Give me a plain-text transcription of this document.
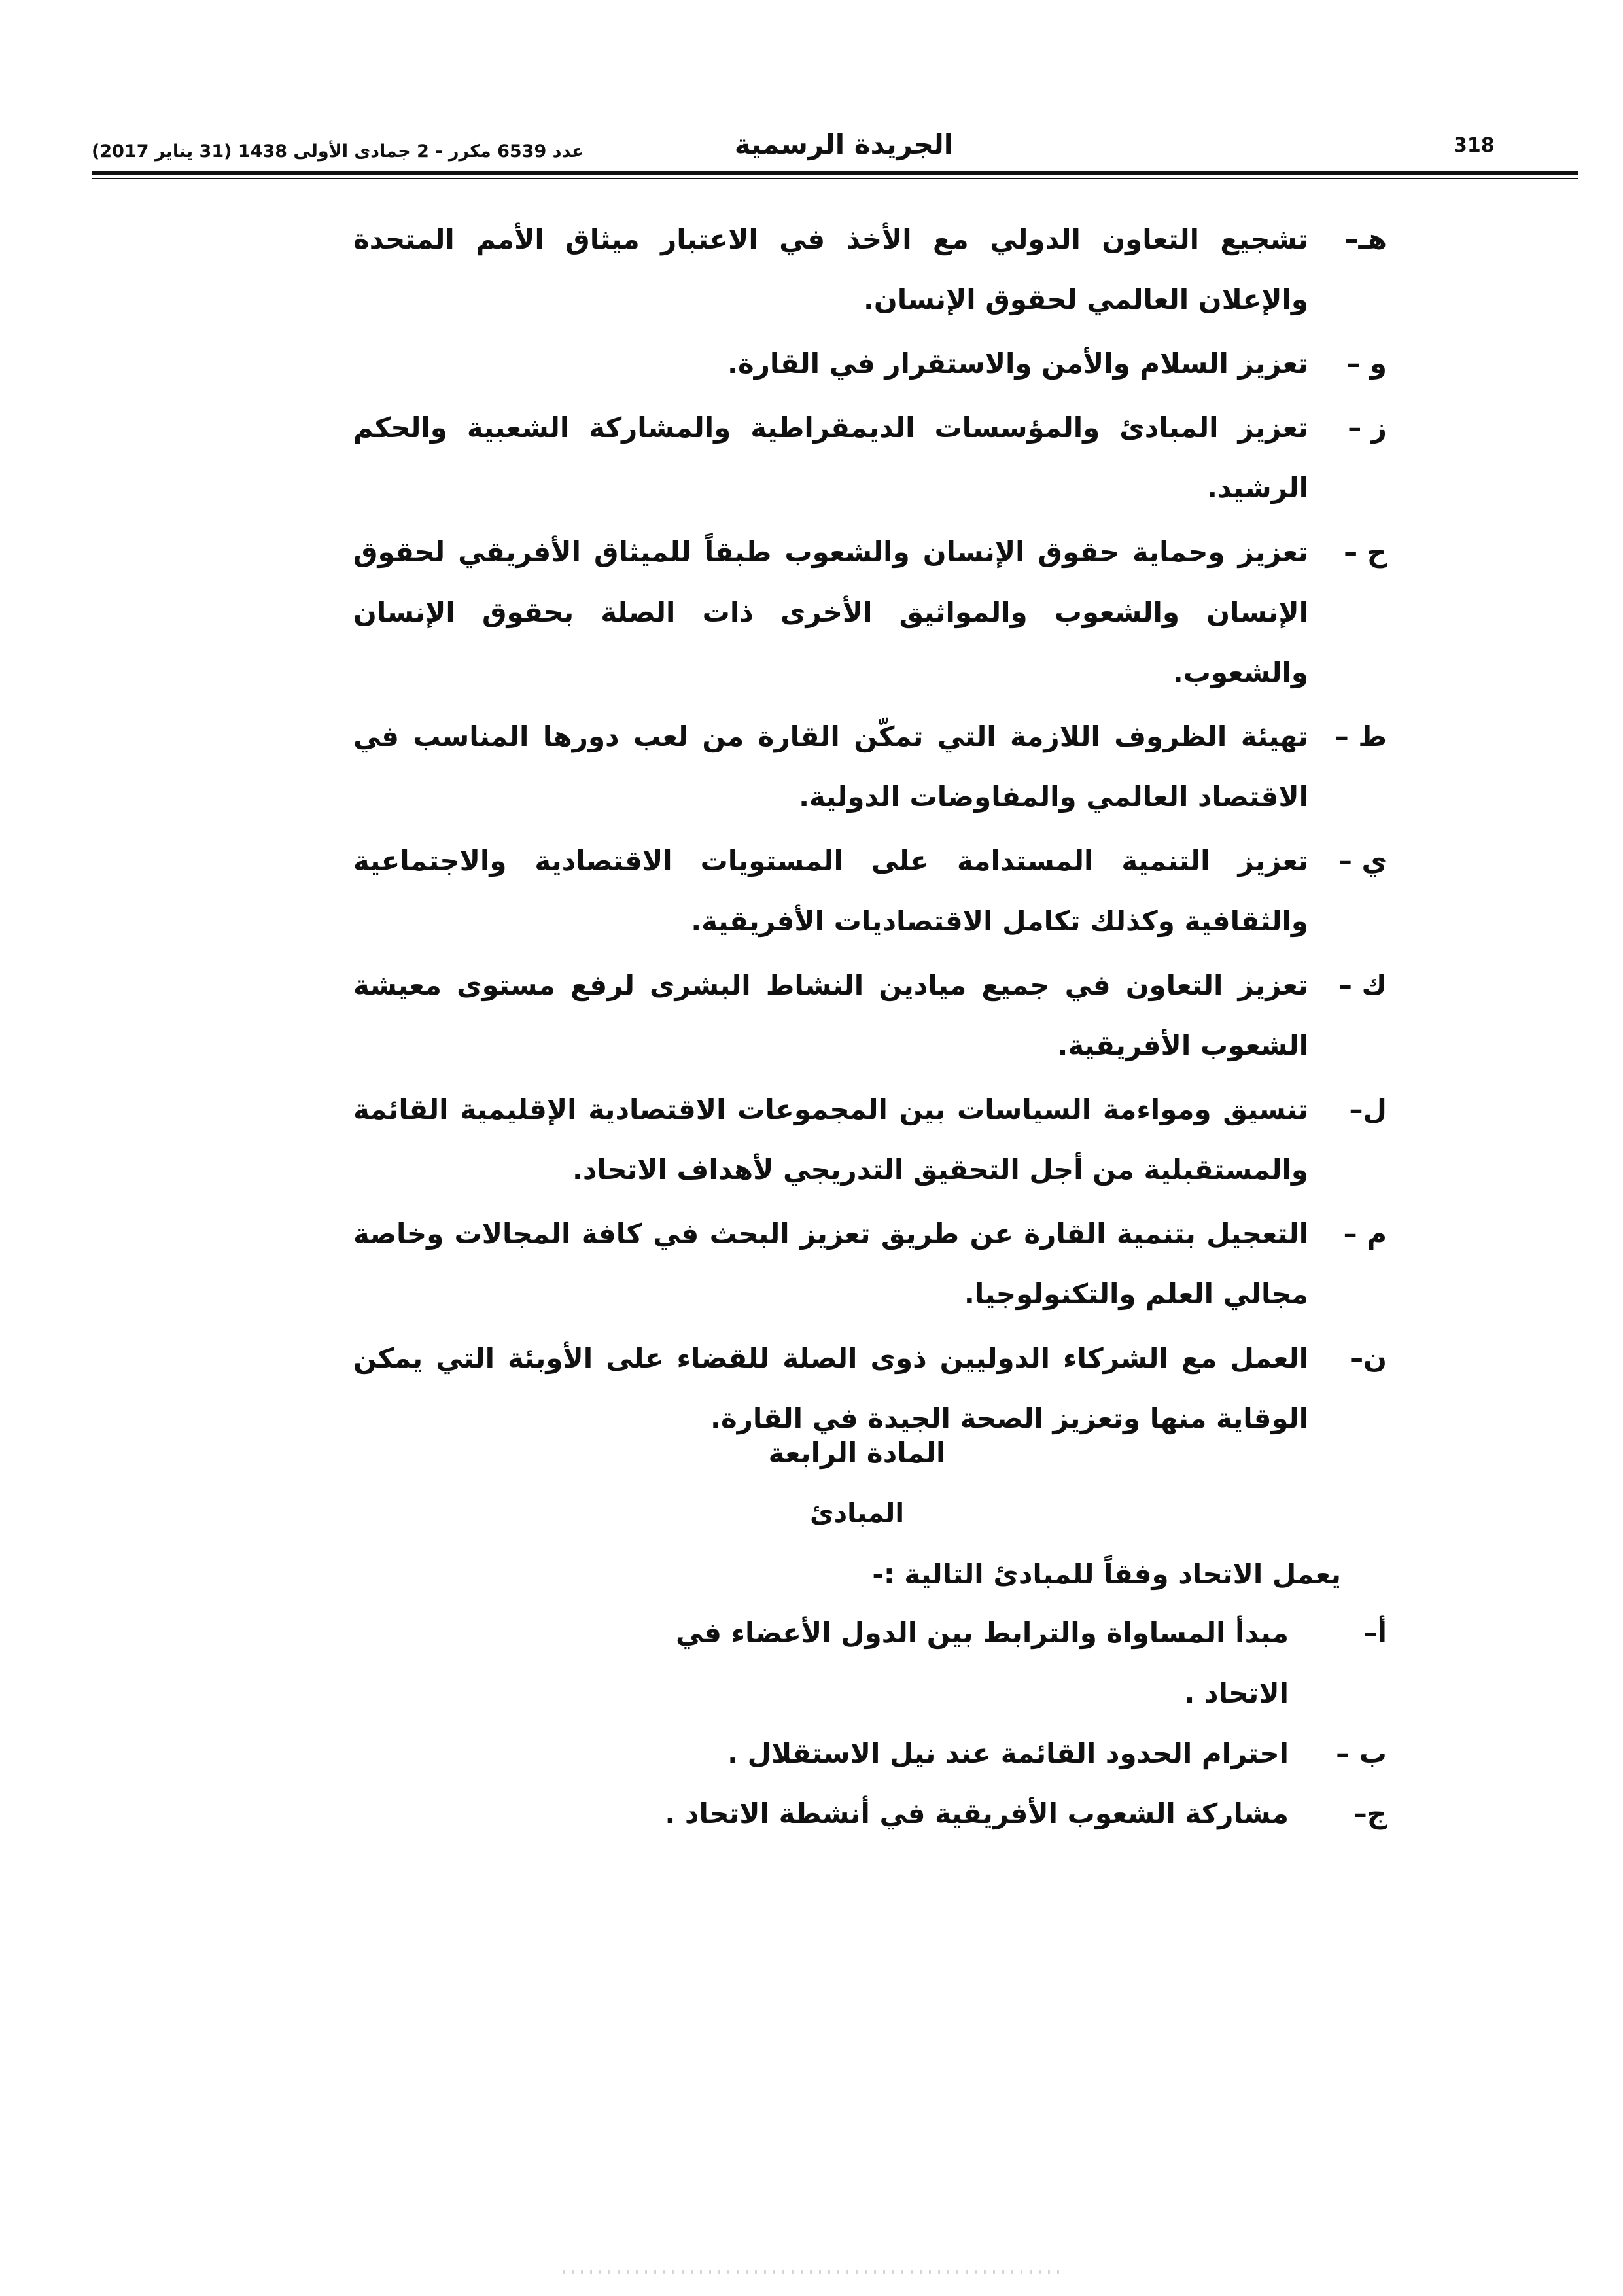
318
الجريدة الرسمية
عدد 6539 مكرر - 2 جمادى الأولى 1438 (31 يناير 2017)
هـ–
تشجيع التعاون الدولي مع الأخذ في الاعتبار ميثاق الأمم المتحدة والإعلان العالمي لحقوق الإنسان.
و –
تعزيز السلام والأمن والاستقرار في القارة.
ز –
تعزيز المبادئ والمؤسسات الديمقراطية والمشاركة الشعبية والحكم الرشيد.
ح –
تعزيز وحماية حقوق الإنسان والشعوب طبقاً للميثاق الأفريقي لحقوق الإنسان والشعوب والمواثيق الأخرى ذات الصلة بحقوق الإنسان والشعوب.
ط –
تهيئة الظروف اللازمة التي تمكّن القارة من لعب دورها المناسب في الاقتصاد العالمي والمفاوضات الدولية.
ي –
تعزيز التنمية المستدامة على المستويات الاقتصادية والاجتماعية والثقافية وكذلك تكامل الاقتصاديات الأفريقية.
ك –
تعزيز التعاون في جميع ميادين النشاط البشرى لرفع مستوى معيشة الشعوب الأفريقية.
ل–
تنسيق ومواءمة السياسات بين المجموعات الاقتصادية الإقليمية القائمة والمستقبلية من أجل التحقيق التدريجي لأهداف الاتحاد.
م –
التعجيل بتنمية القارة عن طريق تعزيز البحث في كافة المجالات وخاصة مجالي العلم والتكنولوجيا.
ن–
العمل مع الشركاء الدوليين ذوى الصلة للقضاء على الأوبئة التي يمكن الوقاية منها وتعزيز الصحة الجيدة في القارة.
المادة الرابعة
المبادئ
يعمل الاتحاد وفقاً للمبادئ التالية :-
أ–
مبدأ المساواة والترابط بين الدول الأعضاء في الاتحاد .
ب –
احترام الحدود القائمة عند نيل الاستقلال .
ج–
مشاركة الشعوب الأفريقية في أنشطة الاتحاد .
